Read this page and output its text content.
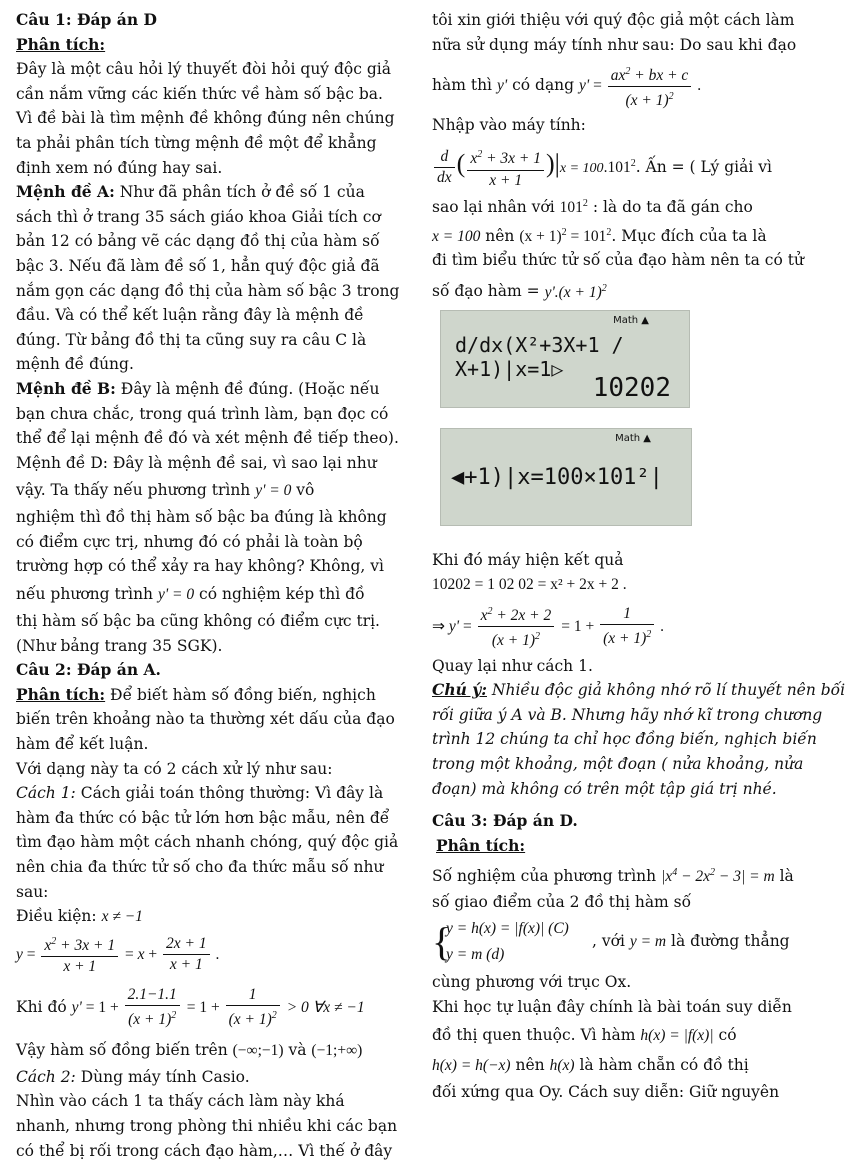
Câu 1: Đáp án D
Phân tích:
Đây là một câu hỏi lý thuyết đòi hỏi quý độc giả
cần nắm vững các kiến thức về hàm số bậc ba.
Vì đề bài là tìm mệnh đề không đúng nên chúng
ta phải phân tích từng mệnh đề một để khẳng
định xem nó đúng hay sai.
Mệnh đề A: Như đã phân tích ở đề số 1 của
sách thì ở trang 35 sách giáo khoa Giải tích cơ
bản 12 có bảng vẽ các dạng đồ thị của hàm số
bậc 3. Nếu đã làm đề số 1, hẳn quý độc giả đã
nắm gọn các dạng đồ thị của hàm số bậc 3 trong
đầu. Và có thể kết luận rằng đây là mệnh đề
đúng. Từ bảng đồ thị ta cũng suy ra câu C là
mệnh đề đúng.
Mệnh đề B: Đây là mệnh đề đúng. (Hoặc nếu
bạn chưa chắc, trong quá trình làm, bạn đọc có
thể để lại mệnh đề đó và xét mệnh đề tiếp theo).
Mệnh đề D: Đây là mệnh đề sai, vì sao lại như
vậy. Ta thấy nếu phương trình y' = 0 vô
nghiệm thì đồ thị hàm số bậc ba đúng là không
có điểm cực trị, nhưng đó có phải là toàn bộ
trường hợp có thể xảy ra hay không? Không, vì
nếu phương trình y' = 0 có nghiệm kép thì đồ
thị hàm số bậc ba cũng không có điểm cực trị.
(Như bảng trang 35 SGK).
Câu 2: Đáp án A.
Phân tích: Để biết hàm số đồng biến, nghịch
biến trên khoảng nào ta thường xét dấu của đạo
hàm để kết luận.
Với dạng này ta có 2 cách xử lý như sau:
Cách 1: Cách giải toán thông thường: Vì đây là
hàm đa thức có bậc tử lớn hơn bậc mẫu, nên để
tìm đạo hàm một cách nhanh chóng, quý độc giả
nên chia đa thức tử số cho đa thức mẫu số như
sau:
Điều kiện: x ≠ −1
$y = \frac{x^2 + 3x + 1}{x + 1} = x + \frac{2x + 1}{x + 1}$ .
Khi đó $y' = 1 + \frac{2.1-1.1}{(x + 1)^2} = 1 + \frac{1}{(x + 1)^2} > 0$ ∀x ≠ −1
Vậy hàm số đồng biến trên (−∞;−1) và (−1;+∞)
Cách 2: Dùng máy tính Casio.
Nhìn vào cách 1 ta thấy cách làm này khá
nhanh, nhưng trong phòng thi nhiều khi các bạn
có thể bị rối trong cách đạo hàm,… Vì thế ở đây
tôi xin giới thiệu với quý độc giả một cách làm
nữa sử dụng máy tính như sau: Do sau khi đạo
hàm thì y' có dạng $y' = \frac{ax^2 + bx + c}{(x + 1)^2}$ .
Nhập vào máy tính:
$\frac{d}{dx}$ ( $\frac{x^2 + 3x + 1}{x + 1} )|x = 100.101^2$. Ấn = ( Lý giải vì
sao lại nhân với $101^2$ : là do ta đã gán cho
x = 100 nên $(x + 1)^2 = 101^2$. Mục đích của ta là
đi tìm biểu thức tử số của đạo hàm nên ta có tử
số đạo hàm = $y'.(x + 1)^2$
Math ▲
d/dx(X²+3X+1 / X+1)|x=1▷
10202
Math ▲
◀+1)|x=100×101²|
Khi đó máy hiện kết quả
10202 = 1 02 02 = x² + 2x + 2 .
⇒ $y' = \frac{x^2 + 2x + 2}{(x + 1)^2} = 1 + \frac{1}{(x + 1)^2}$ .
Quay lại như cách 1.
Chú ý: Nhiều độc giả không nhớ rõ lí thuyết nên bối
rối giữa ý A và B. Nhưng hãy nhớ kĩ trong chương
trình 12 chúng ta chỉ học đồng biến, nghịch biến
trong một khoảng, một đoạn ( nửa khoảng, nửa
đoạn) mà không có trên một tập giá trị nhé.
Câu 3: Đáp án D.
Phân tích:
Số nghiệm của phương trình $|x^4 - 2x^2 - 3| = m$ là
số giao điểm của 2 đồ thị hàm số
{
y = h(x) = |f(x)| (C)
y = m (d)
, với y = m là đường thẳng
cùng phương với trục Ox.
Khi học tự luận đây chính là bài toán suy diễn
đồ thị quen thuộc. Vì hàm h(x) = |f(x)| có
h(x) = h(−x) nên h(x) là hàm chẵn có đồ thị
đối xứng qua Oy. Cách suy diễn: Giữ nguyên
